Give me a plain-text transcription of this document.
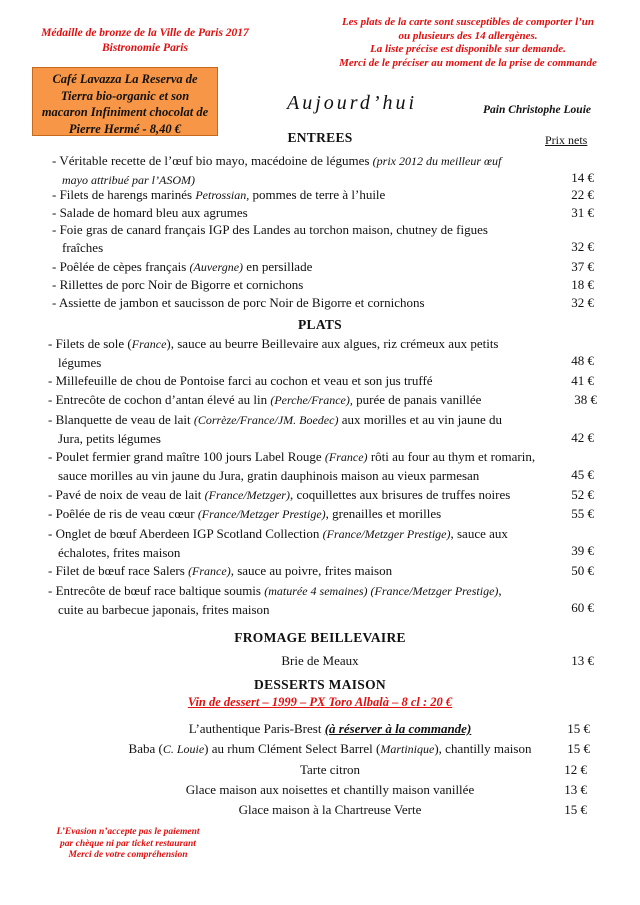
Médaille de bronze de la Ville de Paris 2017
Bistronomie Paris
Les plats de la carte sont susceptibles de comporter l’un
ou plusieurs des 14 allergènes.
La liste précise est disponible sur demande.
Merci de le préciser au moment de la prise de commande
Café Lavazza La Reserva de
Tierra bio-organic et son
macaron Infiniment chocolat de
Pierre Hermé - 8,40 €
Aujourd’hui	Pain Christophe Louie
ENTREES	Prix nets
- Véritable recette de l’œuf bio mayo, macédoine de légumes (prix 2012 du meilleur œuf
mayo attribué par l’ASOM)	14 €
- Filets de harengs marinés Petrossian, pommes de terre à l’huile	22 €
- Salade de homard bleu aux agrumes	31 €
- Foie gras de canard français IGP des Landes au torchon maison, chutney de figues
fraîches	32 €
- Poêlée de cèpes français (Auvergne) en persillade	37 €
- Rillettes de porc Noir de Bigorre et cornichons	18 €
- Assiette de jambon et saucisson de porc Noir de Bigorre et cornichons	32 €
PLATS
- Filets de sole (France), sauce au beurre Beillevaire aux algues, riz crémeux aux petits
légumes	48 €
- Millefeuille de chou de Pontoise farci au cochon et veau et son jus truffé	41 €
- Entrecôte de cochon d’antan élevé au lin (Perche/France), purée de panais vanillée	38 €
- Blanquette de veau de lait (Corrèze/France/JM. Boedec) aux morilles et au vin jaune du
Jura, petits légumes	42 €
- Poulet fermier grand maître 100 jours Label Rouge (France) rôti au four au thym et romarin,
sauce morilles au vin jaune du Jura, gratin dauphinois maison au vieux parmesan	45 €
- Pavé de noix de veau de lait (France/Metzger), coquillettes aux brisures de truffes noires	52 €
- Poêlée de ris de veau cœur (France/Metzger Prestige), grenailles et morilles	55 €
- Onglet de bœuf Aberdeen IGP Scotland Collection (France/Metzger Prestige), sauce aux
échalotes, frites maison	39 €
- Filet de bœuf race Salers (France), sauce au poivre, frites maison	50 €
- Entrecôte de bœuf race baltique soumis (maturée 4 semaines) (France/Metzger Prestige),
cuite au barbecue japonais, frites maison	60 €
FROMAGE BEILLEVAIRE
Brie de Meaux	13 €
DESSERTS MAISON
Vin de dessert – 1999 – PX Toro Albalà – 8 cl : 20 €
L’authentique Paris-Brest (à réserver à la commande)	15 €
Baba (C. Louie) au rhum Clément Select Barrel (Martinique), chantilly maison	15 €
Tarte citron	12 €
Glace maison aux noisettes et chantilly maison vanillée	13 €
Glace maison à la Chartreuse Verte	15 €
L’Evasion n’accepte pas le paiement
par chèque ni par ticket restaurant
Merci de votre compréhension
